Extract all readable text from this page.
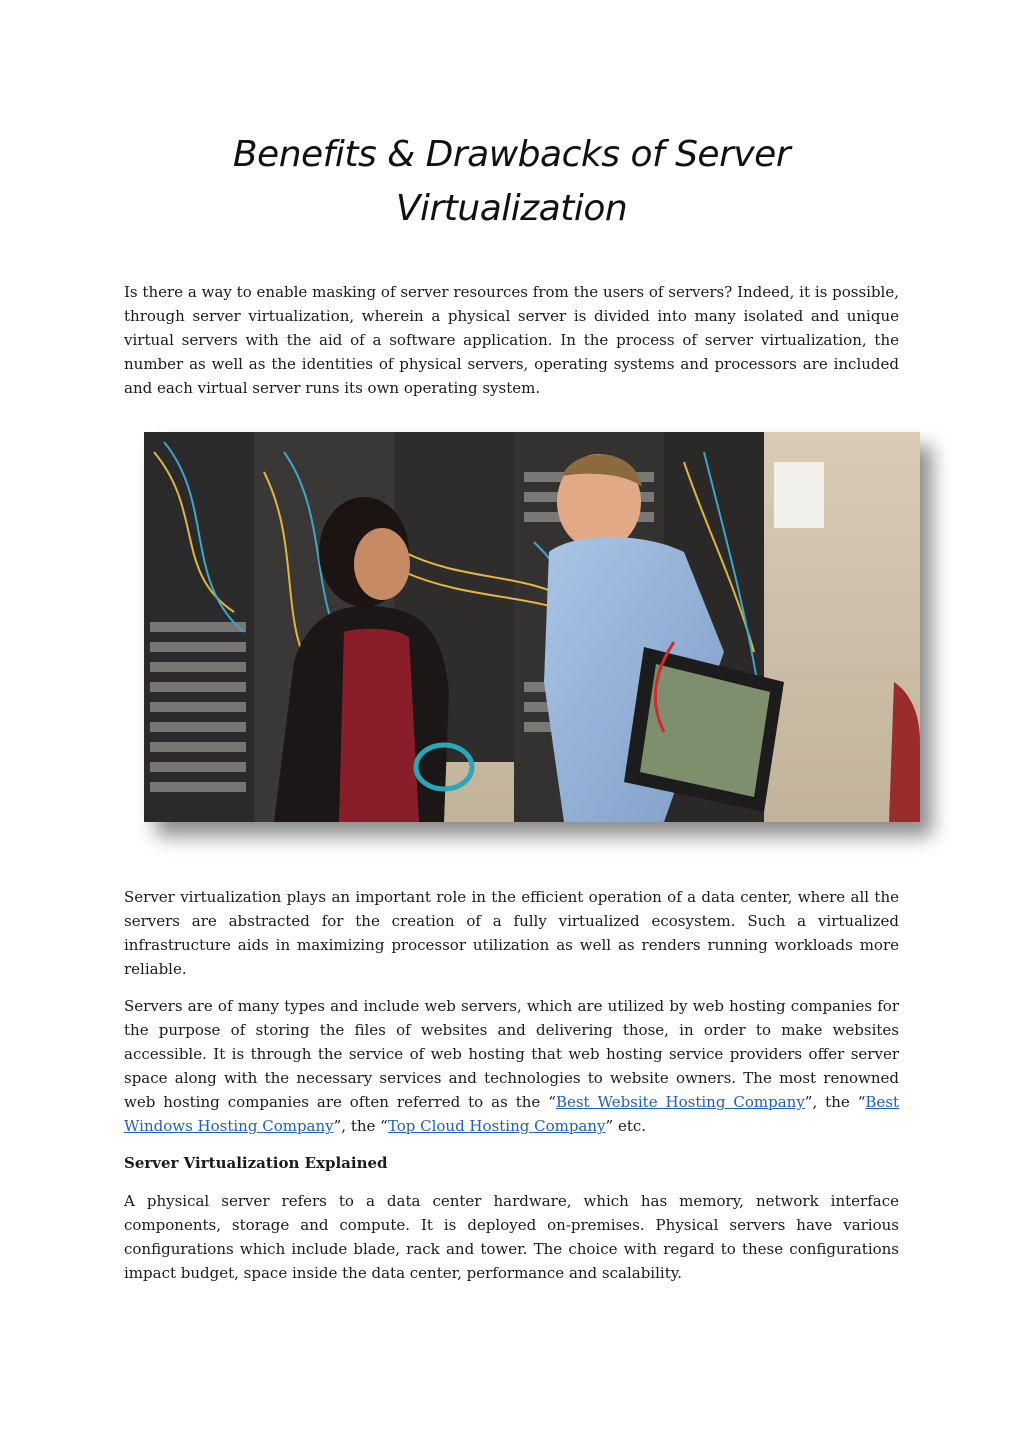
Benefits & Drawbacks of Server
Virtualization

Is there a way to enable masking of server resources from the users of servers? Indeed, it is possible, through server virtualization, wherein a physical server is divided into many isolated and unique virtual servers with the aid of a software application. In the process of server virtualization, the number as well as the identities of physical servers, operating systems and processors are included and each virtual server runs its own operating system.

Server virtualization plays an important role in the efficient operation of a data center, where all the servers are abstracted for the creation of a fully virtualized ecosystem. Such a virtualized infrastructure aids in maximizing processor utilization as well as renders running workloads more reliable.

Servers are of many types and include web servers, which are utilized by web hosting companies for the purpose of storing the files of websites and delivering those, in order to make websites accessible. It is through the service of web hosting that web hosting service providers offer server space along with the necessary services and technologies to website owners. The most renowned web hosting companies are often referred to as the “Best Website Hosting Company”, the “Best Windows Hosting Company”, the “Top Cloud Hosting Company” etc.

Server Virtualization Explained

A physical server refers to a data center hardware, which has memory, network interface components, storage and compute. It is deployed on-premises. Physical servers have various configurations which include blade, rack and tower. The choice with regard to these configurations impact budget, space inside the data center, performance and scalability.
